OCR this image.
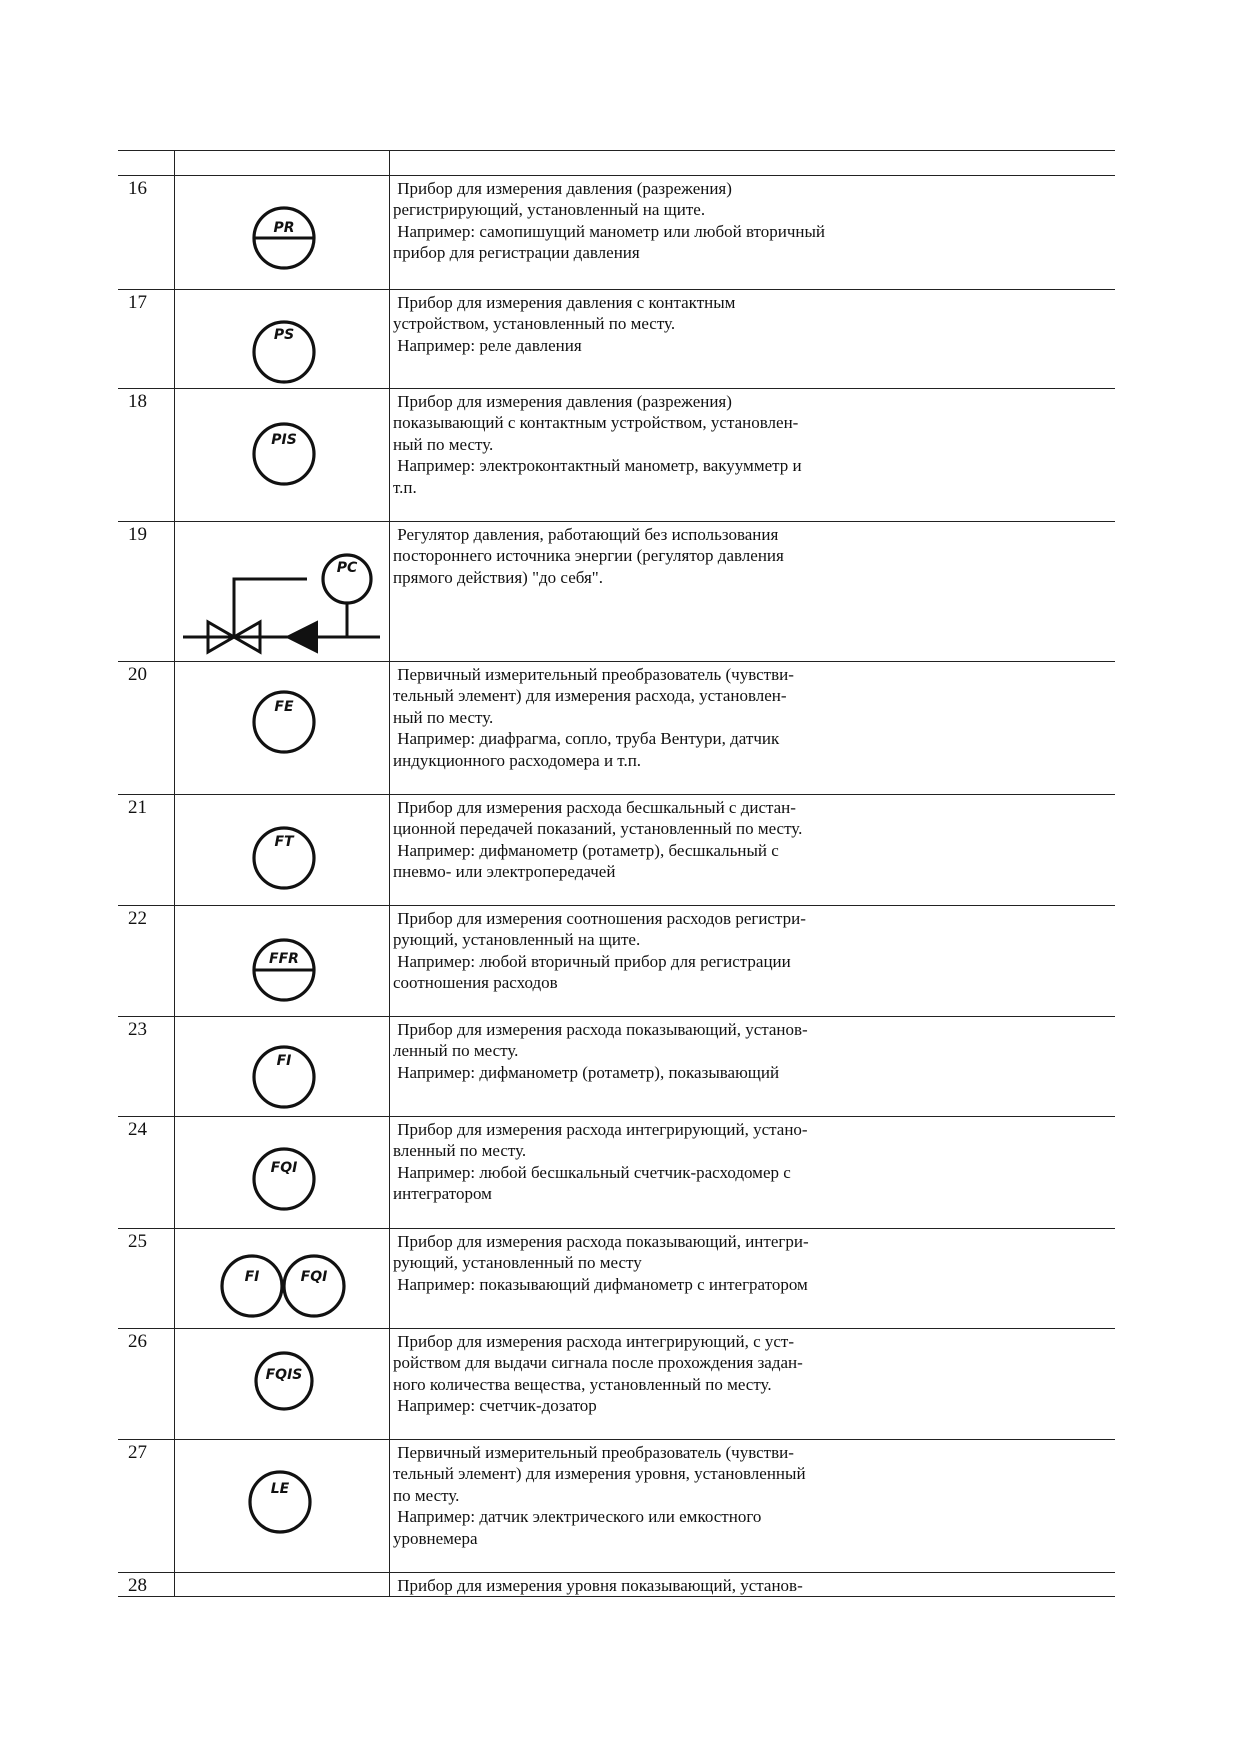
16
PR
Прибор для измерения давления (разрежения)
регистрирующий, установленный на щите.
Например: самопишущий манометр или любой вторичный
прибор для регистрации давления
17
PS
Прибор для измерения давления с контактным
устройством, установленный по месту.
Например: реле давления
18
PIS
Прибор для измерения давления (разрежения)
показывающий с контактным устройством, установлен-
ный по месту.
Например: электроконтактный манометр, вакуумметр и
т.п.
19
PC
Регулятор давления, работающий без использования
постороннего источника энергии (регулятор давления
прямого действия) "до себя".
20
FE
Первичный измерительный преобразователь (чувстви-
тельный элемент) для измерения расхода, установлен-
ный по месту.
Например: диафрагма, сопло, труба Вентури, датчик
индукционного расходомера и т.п.
21
FT
Прибор для измерения расхода бесшкальный с дистан-
ционной передачей показаний, установленный по месту.
Например: дифманометр (ротаметр), бесшкальный с
пневмо- или электропередачей
22
FFR
Прибор для измерения соотношения расходов регистри-
рующий, установленный на щите.
Например: любой вторичный прибор для регистрации
соотношения расходов
23
FI
Прибор для измерения расхода показывающий, установ-
ленный по месту.
Например: дифманометр (ротаметр), показывающий
24
FQI
Прибор для измерения расхода интегрирующий, устано-
вленный по месту.
Например: любой бесшкальный счетчик-расходомер с
интегратором
25
FI	FQI
Прибор для измерения расхода показывающий, интегри-
рующий, установленный по месту
Например: показывающий дифманометр с интегратором
26
FQIS
Прибор для измерения расхода интегрирующий, с уст-
ройством для выдачи сигнала после прохождения задан-
ного количества вещества, установленный по месту.
Например: счетчик-дозатор
27
LE
Первичный измерительный преобразователь (чувстви-
тельный элемент) для измерения уровня, установленный
по месту.
Например: датчик электрического или емкостного
уровнемера
28	Прибор для измерения уровня показывающий, установ-
